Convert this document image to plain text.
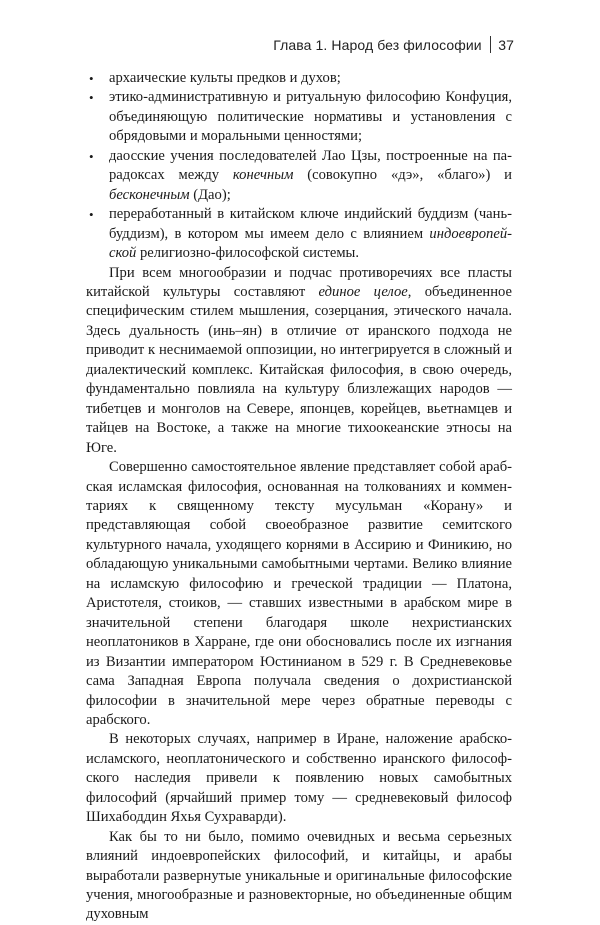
Глава 1. Народ без философии 37
• архаические культы предков и духов;
• этико-административную и ритуальную философию Конфуция, объединяющую политические нормативы и установления с обрядовыми и моральными ценностями;
• даосские учения последователей Лао Цзы, построенные на парадоксах между конечным (совокупно «дэ», «благо») и бесконечным (Дао);
• переработанный в китайском ключе индийский буддизм (чань-буддизм), в котором мы имеем дело с влиянием индоевропейской религиозно-философской системы.

При всем многообразии и подчас противоречиях все пласты китайской культуры составляют единое целое, объединенное специфическим стилем мышления, созерцания, этического начала. Здесь дуальность (инь–ян) в отличие от иранского подхода не приводит к неснимаемой оппозиции, но интегрируется в сложный и диалектический комплекс. Китайская философия, в свою очередь, фундаментально повлияла на культуру близлежащих народов — тибетцев и монголов на Севере, японцев, корейцев, вьетнамцев и тайцев на Востоке, а также на многие тихоокеанские этносы на Юге.

Совершенно самостоятельное явление представляет собой арабская исламская философия, основанная на толкованиях и комментариях к священному тексту мусульман «Корану» и представляющая собой своеобразное развитие семитского культурного начала, уходящего корнями в Ассирию и Финикию, но обладающую уникальными самобытными чертами. Велико влияние на исламскую философию и греческой традиции — Платона, Аристотеля, стоиков, — ставших известными в арабском мире в значительной степени благодаря школе нехристианских неоплатоников в Харране, где они обосновались после их изгнания из Византии императором Юстинианом в 529 г. В Средневековье сама Западная Европа получала сведения о дохристианской философии в значительной мере через обратные переводы с арабского.

В некоторых случаях, например в Иране, наложение арабско-исламского, неоплатонического и собственно иранского философского наследия привели к появлению новых самобытных философий (ярчайший пример тому — средневековый философ Шихабоддин Яхья Сухраварди).

Как бы то ни было, помимо очевидных и весьма серьезных влияний индоевропейских философий, и китайцы, и арабы выработали развернутые уникальные и оригинальные философские учения, многообразные и разновекторные, но объединенные общим духовным
